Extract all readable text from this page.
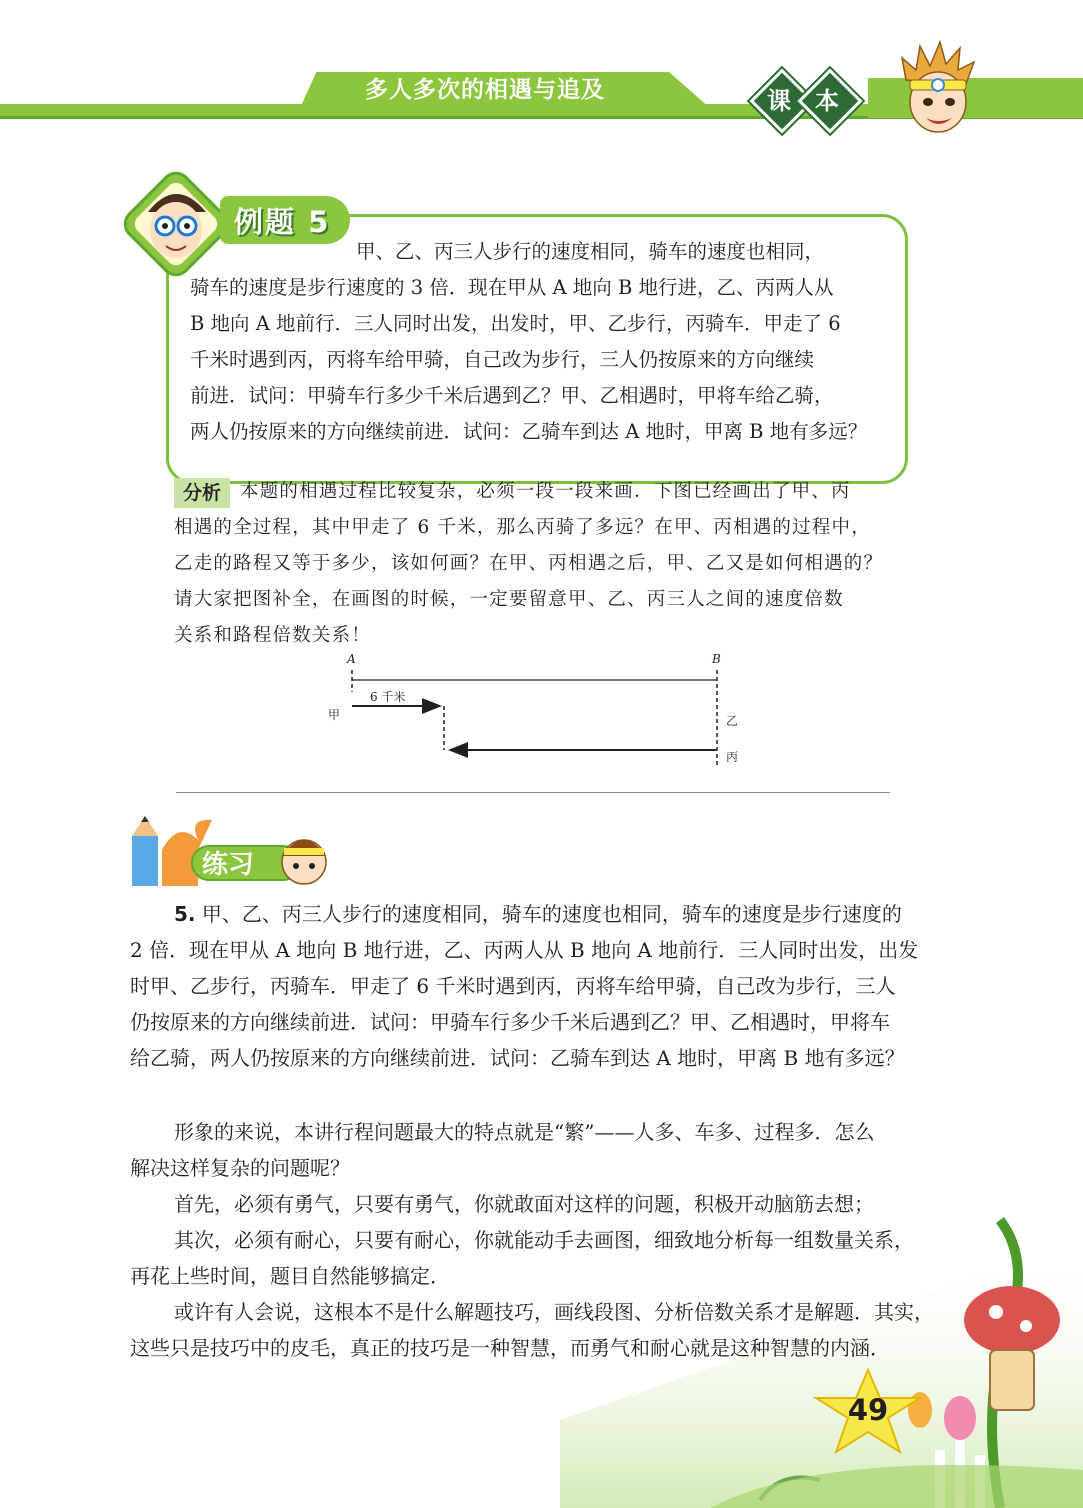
多人多次的相遇与追及	课	本
例题 5
甲、乙、丙三人步行的速度相同，骑车的速度也相同，
骑车的速度是步行速度的 3 倍．现在甲从 A 地向 B 地行进，乙、丙两人从
B 地向 A 地前行．三人同时出发，出发时，甲、乙步行，丙骑车．甲走了 6
千米时遇到丙，丙将车给甲骑，自己改为步行，三人仍按原来的方向继续
前进．试问：甲骑车行多少千米后遇到乙？甲、乙相遇时，甲将车给乙骑，
两人仍按原来的方向继续前进．试问：乙骑车到达 A 地时，甲离 B 地有多远？
分析	本题的相遇过程比较复杂，必须一段一段来画．下图已经画出了甲、丙
相遇的全过程，其中甲走了 6 千米，那么丙骑了多远？在甲、丙相遇的过程中，
乙走的路程又等于多少，该如何画？在甲、丙相遇之后，甲、乙又是如何相遇的？
请大家把图补全，在画图的时候，一定要留意甲、乙、丙三人之间的速度倍数
关系和路程倍数关系！
A	B
6 千米
甲	乙
丙
练习
5. 甲、乙、丙三人步行的速度相同，骑车的速度也相同，骑车的速度是步行速度的
2 倍．现在甲从 A 地向 B 地行进，乙、丙两人从 B 地向 A 地前行．三人同时出发，出发
时甲、乙步行，丙骑车．甲走了 6 千米时遇到丙，丙将车给甲骑，自己改为步行，三人
仍按原来的方向继续前进．试问：甲骑车行多少千米后遇到乙？甲、乙相遇时，甲将车
给乙骑，两人仍按原来的方向继续前进．试问：乙骑车到达 A 地时，甲离 B 地有多远？
49
形象的来说，本讲行程问题最大的特点就是“繁”——人多、车多、过程多．怎么
解决这样复杂的问题呢？
首先，必须有勇气，只要有勇气，你就敢面对这样的问题，积极开动脑筋去想；
其次，必须有耐心，只要有耐心，你就能动手去画图，细致地分析每一组数量关系，
再花上些时间，题目自然能够搞定．
或许有人会说，这根本不是什么解题技巧，画线段图、分析倍数关系才是解题．其实，
这些只是技巧中的皮毛，真正的技巧是一种智慧，而勇气和耐心就是这种智慧的内涵．
